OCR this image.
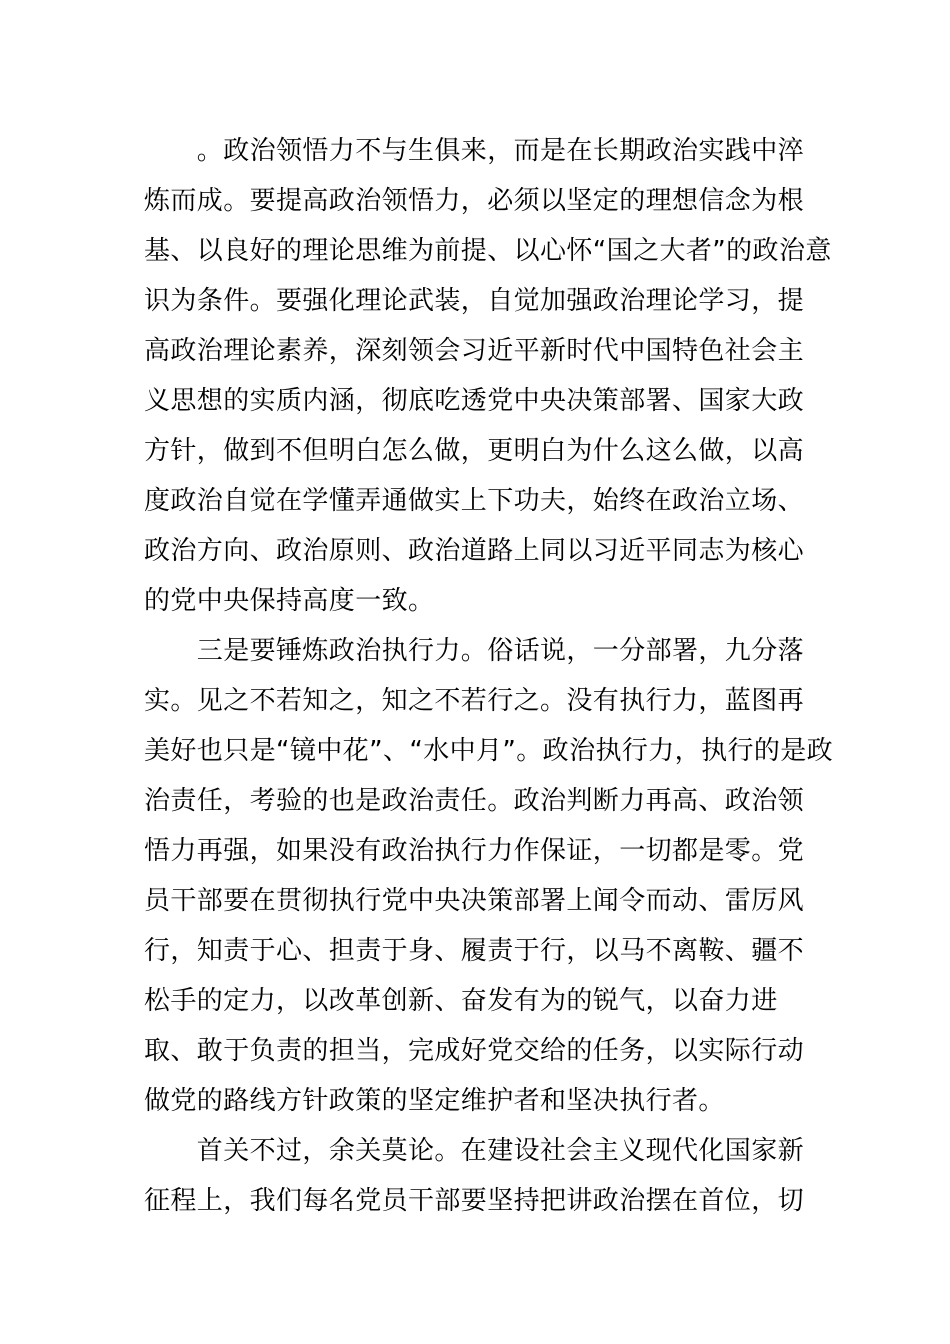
　　。政治领悟力不与生俱来，而是在长期政治实践中淬
炼而成。要提高政治领悟力，必须以坚定的理想信念为根
基、以良好的理论思维为前提、以心怀“国之大者”的政治意
识为条件。要强化理论武装，自觉加强政治理论学习，提
高政治理论素养，深刻领会习近平新时代中国特色社会主
义思想的实质内涵，彻底吃透党中央决策部署、国家大政
方针，做到不但明白怎么做，更明白为什么这么做，以高
度政治自觉在学懂弄通做实上下功夫，始终在政治立场、
政治方向、政治原则、政治道路上同以习近平同志为核心
的党中央保持高度一致。
　　三是要锤炼政治执行力。俗话说，一分部署，九分落
实。见之不若知之，知之不若行之。没有执行力，蓝图再
美好也只是“镜中花”、“水中月”。政治执行力，执行的是政
治责任，考验的也是政治责任。政治判断力再高、政治领
悟力再强，如果没有政治执行力作保证，一切都是零。党
员干部要在贯彻执行党中央决策部署上闻令而动、雷厉风
行，知责于心、担责于身、履责于行，以马不离鞍、疆不
松手的定力，以改革创新、奋发有为的锐气，以奋力进
取、敢于负责的担当，完成好党交给的任务，以实际行动
做党的路线方针政策的坚定维护者和坚决执行者。
　　首关不过，余关莫论。在建设社会主义现代化国家新
征程上，我们每名党员干部要坚持把讲政治摆在首位，切
